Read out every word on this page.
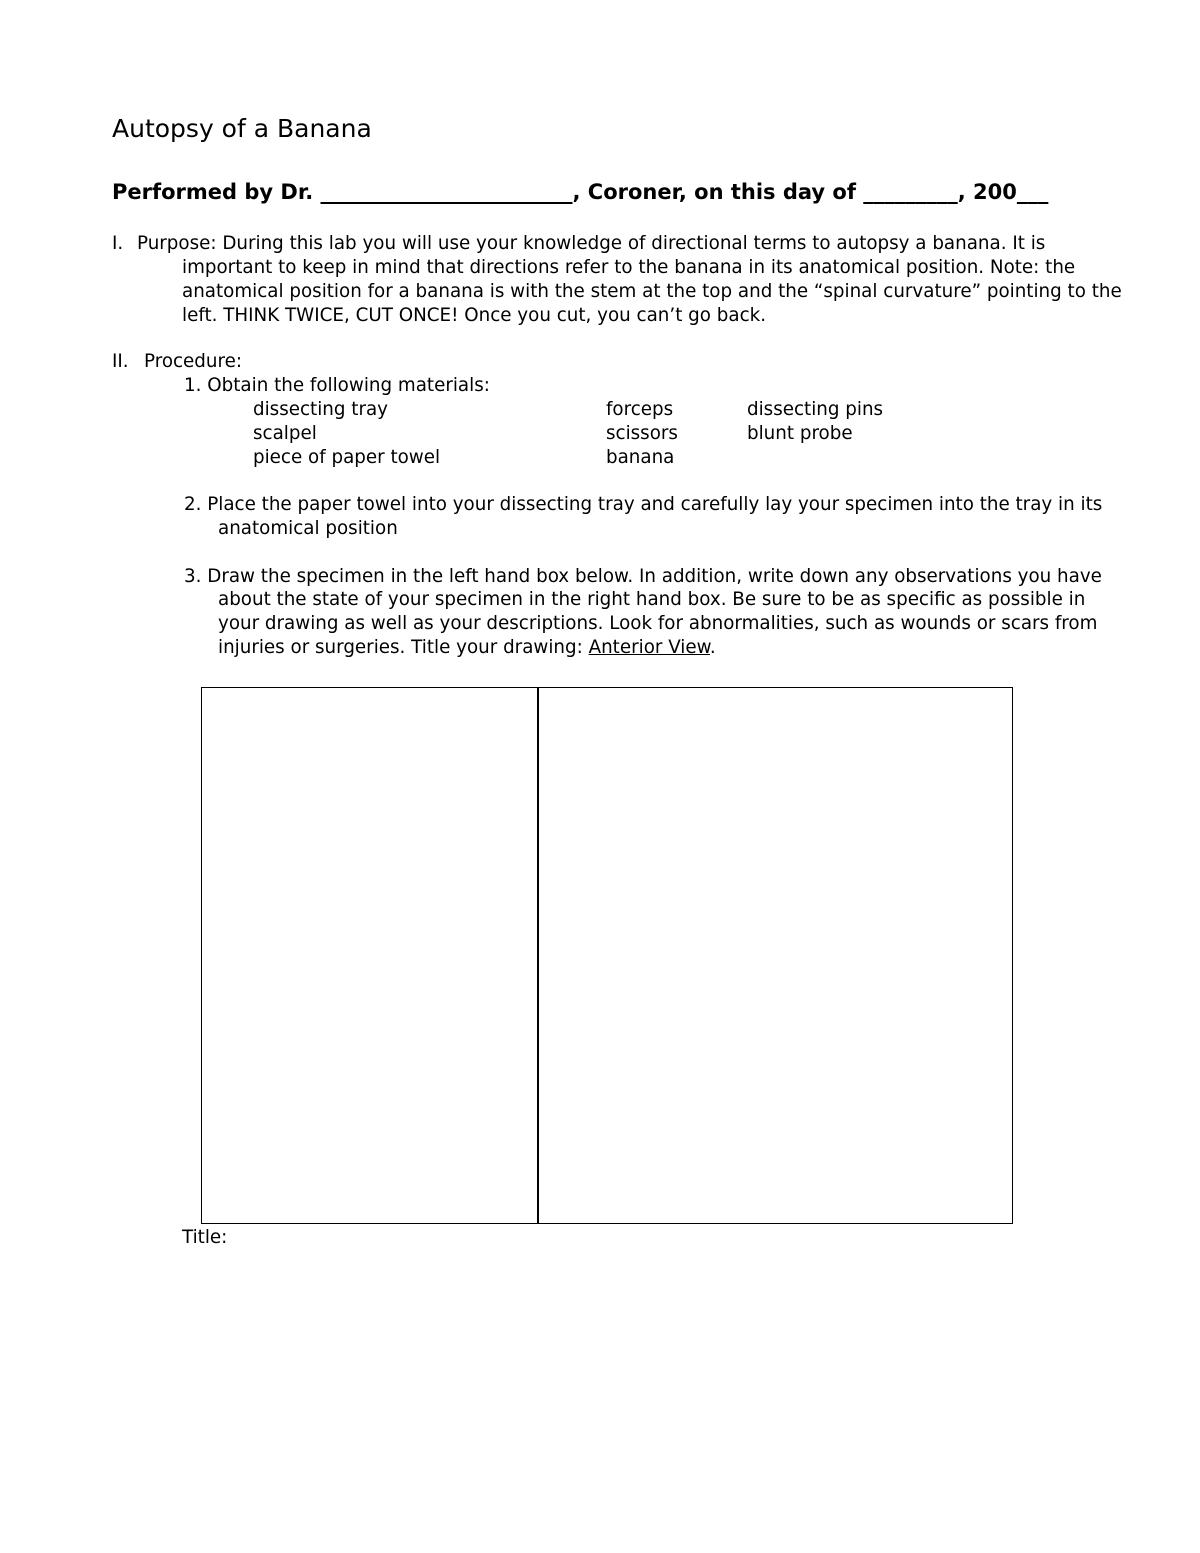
Autopsy of a Banana
Performed by Dr. ________________________, Coroner, on this day of _________, 200___
I. Purpose: During this lab you will use your knowledge of directional terms to autopsy a banana. It is
important to keep in mind that directions refer to the banana in its anatomical position. Note: the
anatomical position for a banana is with the stem at the top and the “spinal curvature” pointing to the
left. THINK TWICE, CUT ONCE! Once you cut, you can’t go back.
II. Procedure:
1. Obtain the following materials:
dissecting tray	forceps	dissecting pins
scalpel	scissors	blunt probe
piece of paper towel	banana
2. Place the paper towel into your dissecting tray and carefully lay your specimen into the tray in its
anatomical position
3. Draw the specimen in the left hand box below. In addition, write down any observations you have
about the state of your specimen in the right hand box. Be sure to be as specific as possible in
your drawing as well as your descriptions. Look for abnormalities, such as wounds or scars from
injuries or surgeries. Title your drawing: Anterior View.
Title:
